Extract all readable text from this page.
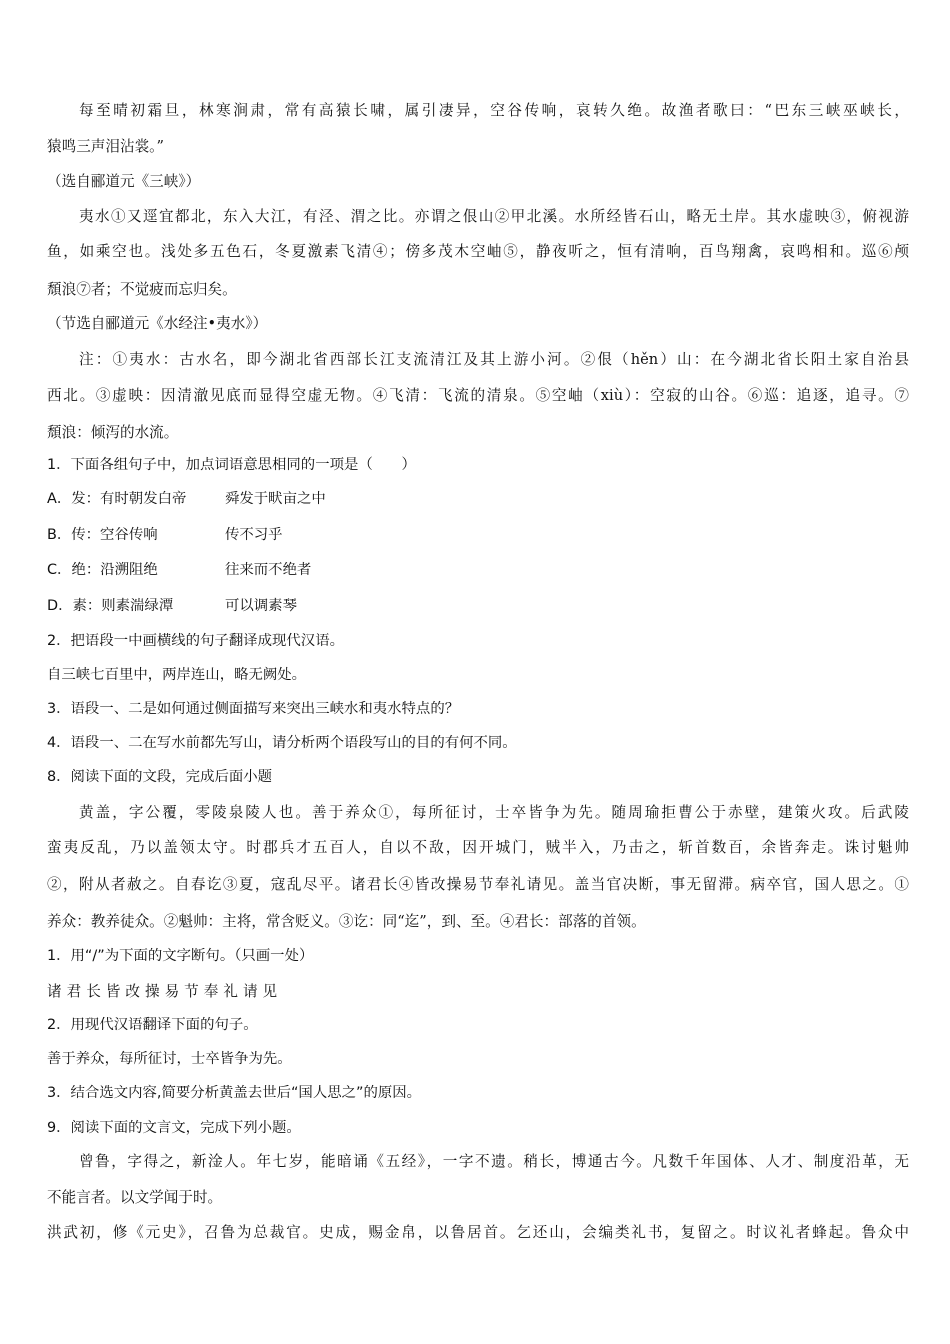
每至晴初霜旦，林寒涧肃，常有高猿长啸，属引凄异，空谷传响，哀转久绝。故渔者歌曰：“巴东三峡巫峡长，
猿鸣三声泪沾裳。”
（选自郦道元《三峡》）
夷水①又逕宜都北，东入大江，有泾、渭之比。亦谓之佷山②甲北溪。水所经皆石山，略无土岸。其水虚映③，俯视游
鱼，如乘空也。浅处多五色石，冬夏激素飞清④；傍多茂木空岫⑤，静夜听之，恒有清响，百鸟翔禽，哀鸣相和。巡⑥颅
頹浪⑦者；不觉疲而忘归矣。
（节选自郦道元《水经注•夷水》）
注：①夷水：古水名，即今湖北省西部长江支流清江及其上游小河。②佷（hěn）山：在今湖北省长阳土家自治县
西北。③虚映：因清澈见底而显得空虚无物。④飞清：飞流的清泉。⑤空岫（xiù）：空寂的山谷。⑥巡：追逐，追寻。⑦
頹浪：倾泻的水流。
1．下面各组句子中，加点词语意思相同的一项是（　　）
A．发：有时朝发白帝	舜发于畎亩之中
B．传：空谷传响	传不习乎
C．绝：沿溯阻绝	往来而不绝者
D．素：则素湍绿潭	可以调素琴
2．把语段一中画横线的句子翻译成现代汉语。
自三峡七百里中，两岸连山，略无阙处。
3．语段一、二是如何通过侧面描写来突出三峡水和夷水特点的？
4．语段一、二在写水前都先写山，请分析两个语段写山的目的有何不同。
8．阅读下面的文段，完成后面小题
黄盖，字公覆，零陵泉陵人也。善于养众①，每所征讨，士卒皆争为先。随周瑜拒曹公于赤壁，建策火攻。后武陵
蛮夷反乱，乃以盖领太守。时郡兵才五百人，自以不敌，因开城门，贼半入，乃击之，斩首数百，余皆奔走。诛讨魁帅
②，附从者赦之。自春讫③夏，寇乱尽平。诸君长④皆改操易节奉礼请见。盖当官决断，事无留滞。病卒官，国人思之。①
养众：教养徒众。②魁帅：主将，常含贬义。③讫：同“迄”，到、至。④君长：部落的首领。
1．用“/”为下面的文字断句。（只画一处）
诸君长皆改操易节奉礼请见
2．用现代汉语翻译下面的句子。
善于养众，每所征讨，士卒皆争为先。
3．结合选文内容,简要分析黄盖去世后“国人思之”的原因。
9．阅读下面的文言文，完成下列小题。
曾鲁，字得之，新淦人。年七岁，能暗诵《五经》，一字不遗。稍长，博通古今。凡数千年国体、人才、制度沿革，无
不能言者。以文学闻于时。
洪武初，修《元史》，召鲁为总裁官。史成，赐金帛，以鲁居首。乞还山，会编类礼书，复留之。时议礼者蜂起。鲁众中
